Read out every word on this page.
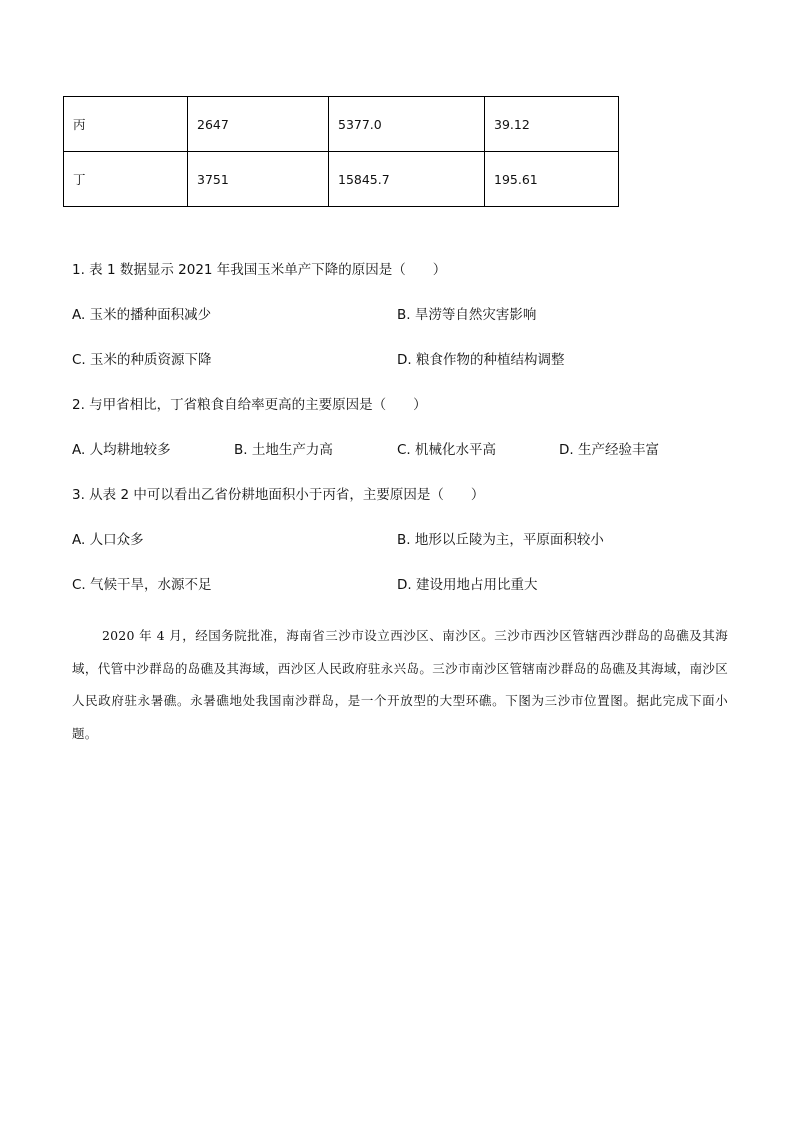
丙	2647	5377.0	39.12
丁	3751	15845.7	195.61
1. 表 1 数据显示 2021 年我国玉米单产下降的原因是（　　）
A. 玉米的播种面积减少	B. 旱涝等自然灾害影响
C. 玉米的种质资源下降	D. 粮食作物的种植结构调整
2. 与甲省相比，丁省粮食自给率更高的主要原因是（　　）
A. 人均耕地较多	B. 土地生产力高	C. 机械化水平高	D. 生产经验丰富
3. 从表 2 中可以看出乙省份耕地面积小于丙省，主要原因是（　　）
A. 人口众多	B. 地形以丘陵为主，平原面积较小
C. 气候干旱，水源不足	D. 建设用地占用比重大
2020 年 4 月，经国务院批准，海南省三沙市设立西沙区、南沙区。三沙市西沙区管辖西沙群岛的岛礁及其海域，代管中沙群岛的岛礁及其海域，西沙区人民政府驻永兴岛。三沙市南沙区管辖南沙群岛的岛礁及其海域，南沙区人民政府驻永暑礁。永暑礁地处我国南沙群岛，是一个开放型的大型环礁。下图为三沙市位置图。据此完成下面小题。
